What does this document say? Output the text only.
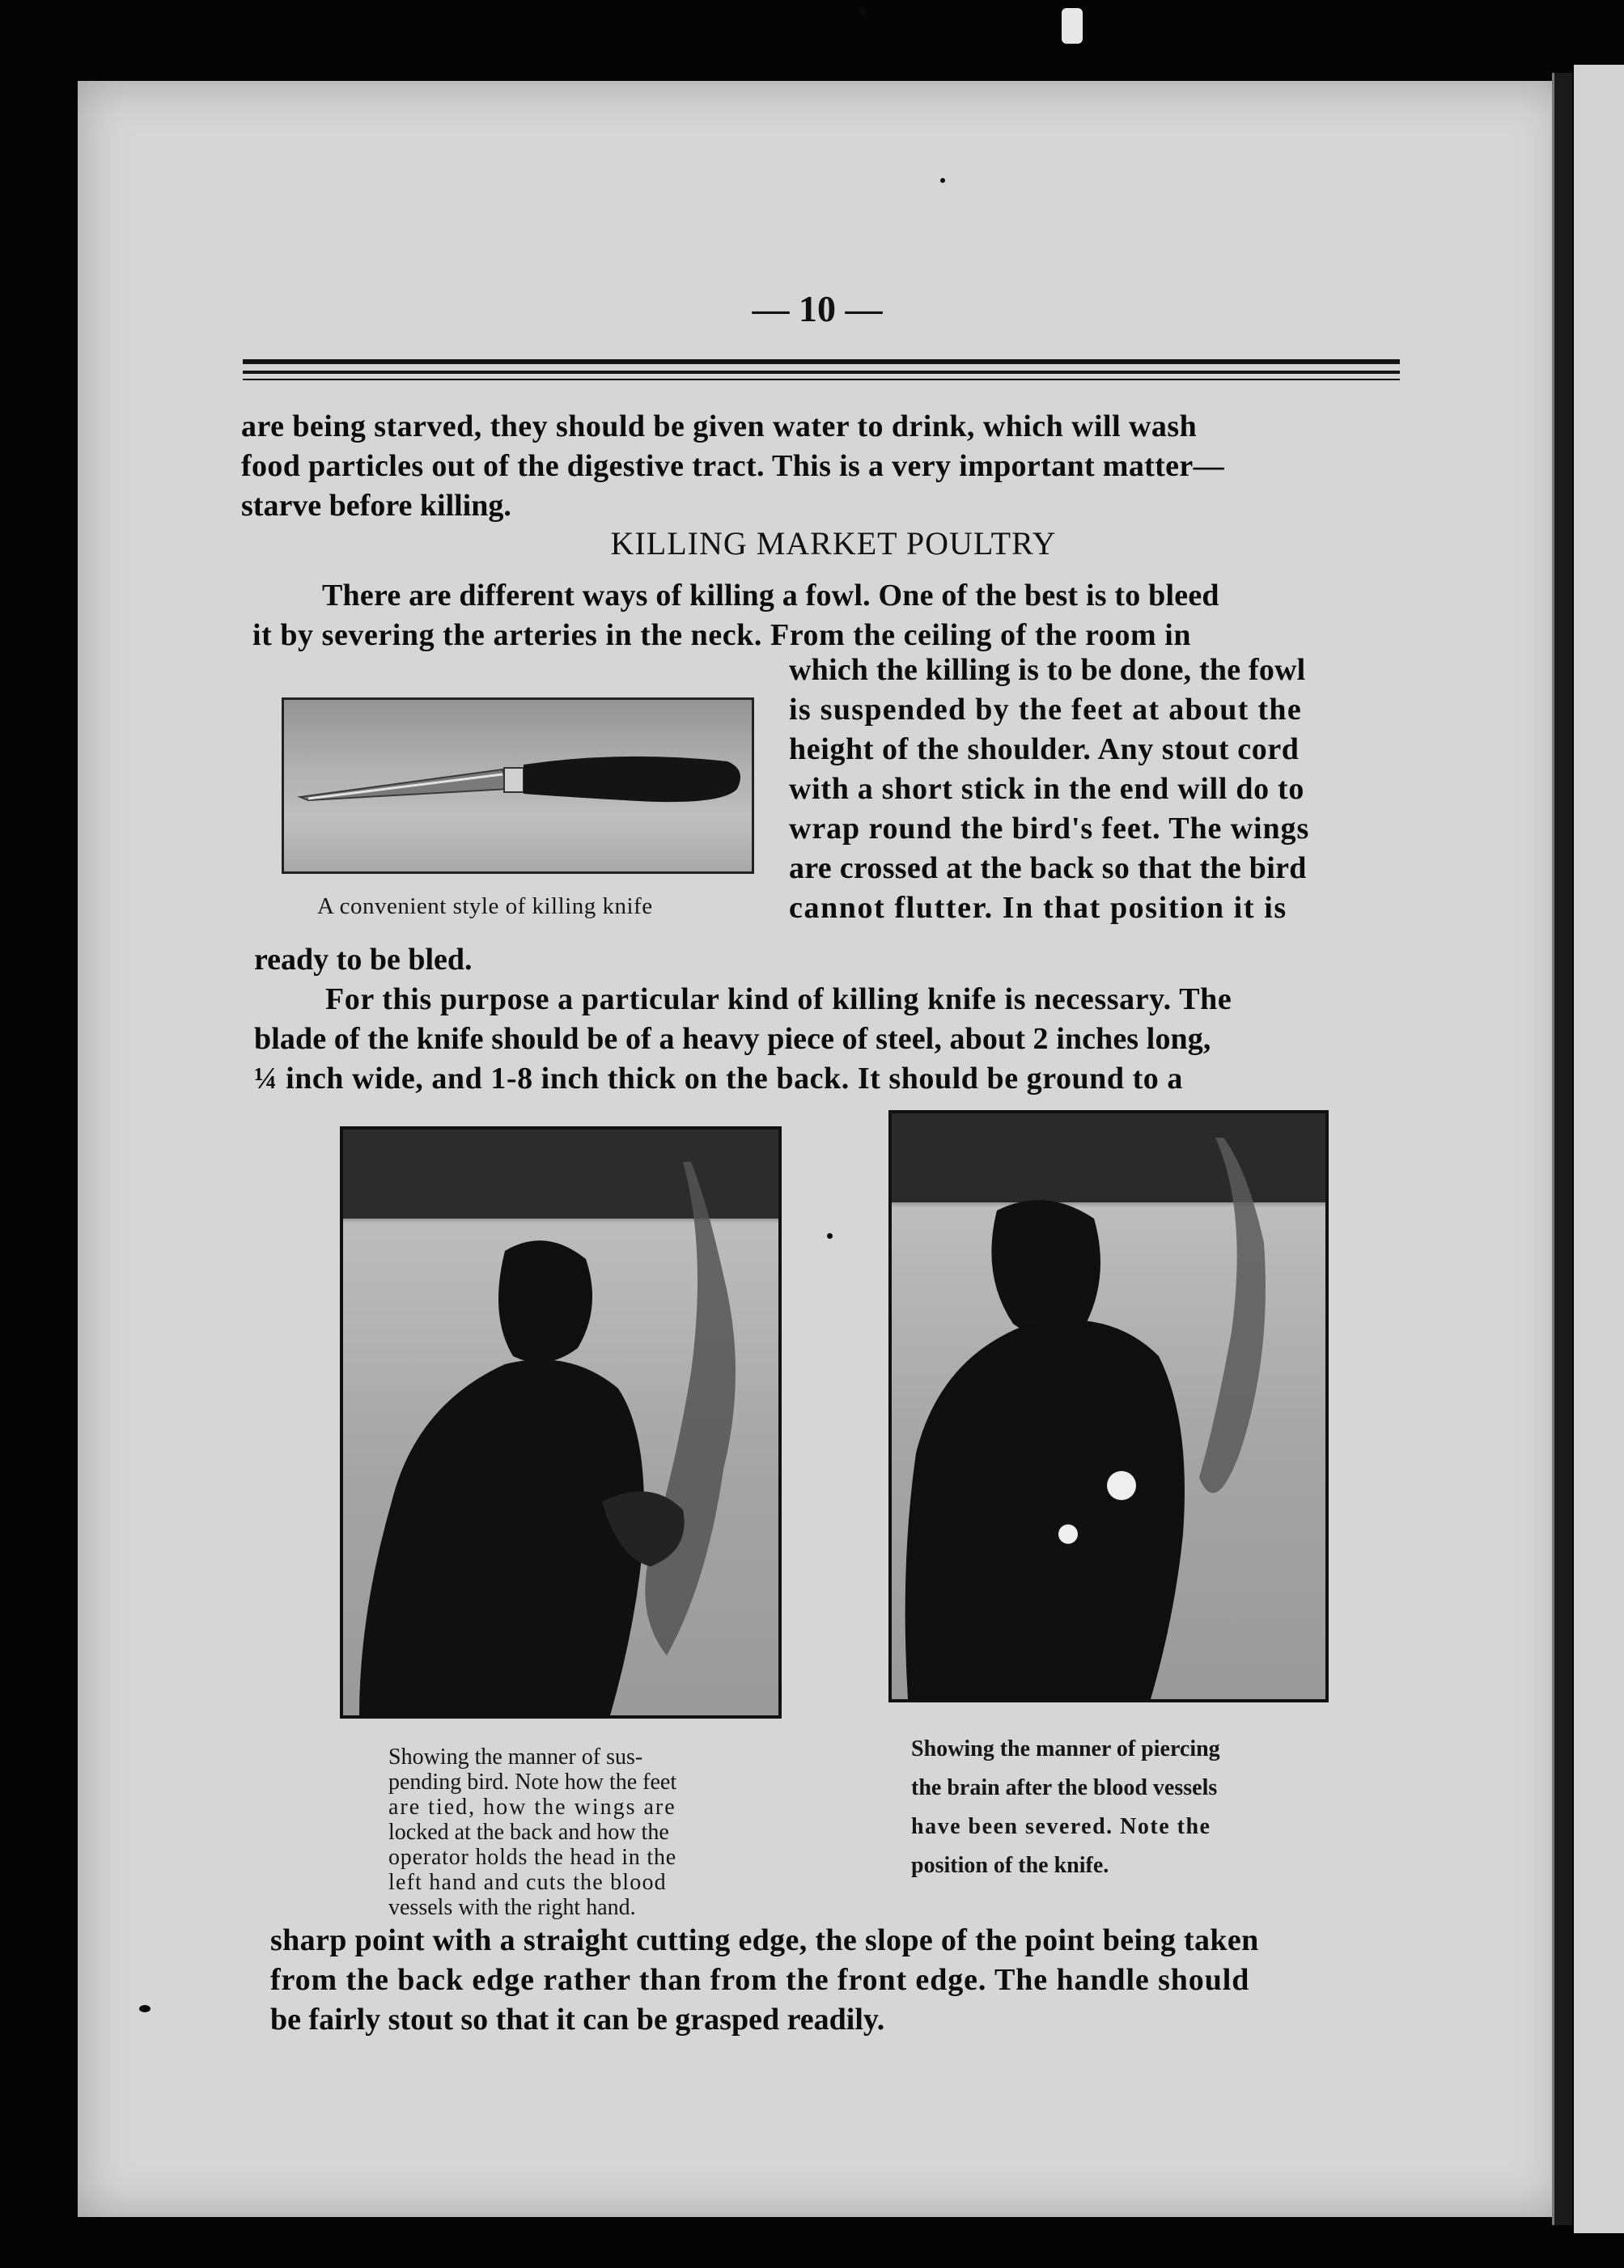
— 10 —
are being starved, they should be given water to drink, which will wash
food particles out of the digestive tract. This is a very important matter—
starve before killing.
KILLING MARKET POULTRY
There are different ways of killing a fowl. One of the best is to bleed
it by severing the arteries in the neck. From the ceiling of the room in
which the killing is to be done, the fowl
is suspended by the feet at about the
height of the shoulder. Any stout cord
with a short stick in the end will do to
wrap round the bird's feet. The wings
are crossed at the back so that the bird
cannot flutter. In that position it is
A convenient style of killing knife
ready to be bled.
For this purpose a particular kind of killing knife is necessary. The
blade of the knife should be of a heavy piece of steel, about 2 inches long,
¼ inch wide, and 1-8 inch thick on the back. It should be ground to a
Showing the manner of sus-
pending bird. Note how the feet
are tied, how the wings are
locked at the back and how the
operator holds the head in the
left hand and cuts the blood
vessels with the right hand.
Showing the manner of piercing
the brain after the blood vessels
have been severed. Note the
position of the knife.
sharp point with a straight cutting edge, the slope of the point being taken
from the back edge rather than from the front edge. The handle should
be fairly stout so that it can be grasped readily.
